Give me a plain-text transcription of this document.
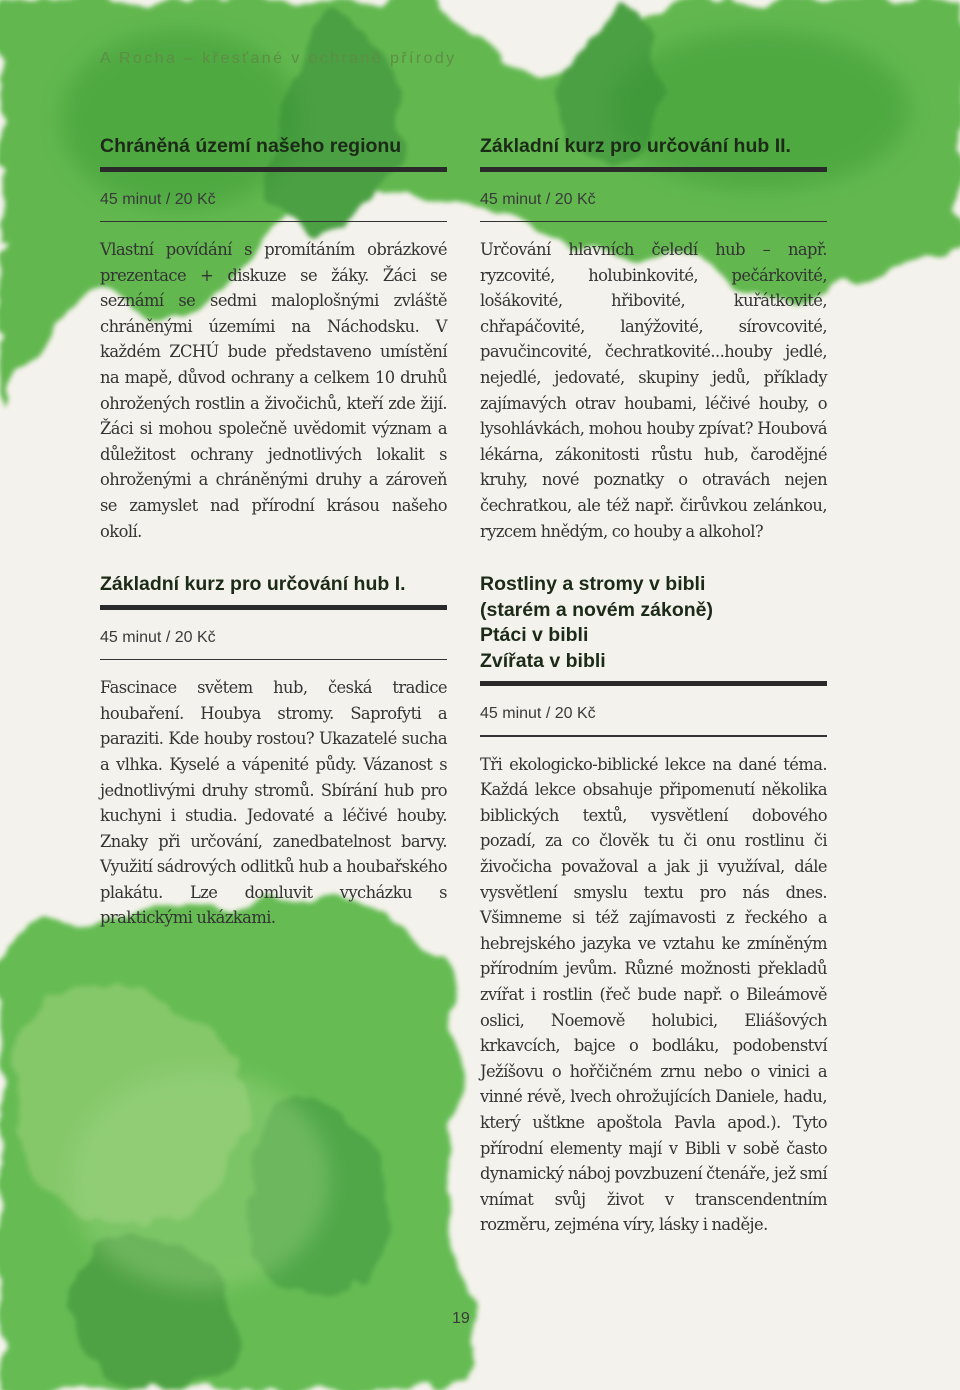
A Rocha – křesťané v ochraně přírody

Chráněná území našeho regionu

45 minut / 20 Kč

Vlastní povídání s promítáním obrázkové prezentace + diskuze se žáky. Žáci se seznámí se sedmi maloplošnými zvláště chráněnými územími na Náchodsku. V každém ZCHÚ bude představeno umístění na mapě, důvod ochrany a celkem 10 druhů ohrožených rostlin a živočichů, kteří zde žijí. Žáci si mohou společně uvědomit význam a důležitost ochrany jednotlivých lokalit s ohroženými a chráněnými druhy a zároveň se zamyslet nad přírodní krásou našeho okolí.

Základní kurz pro určování hub I.

45 minut / 20 Kč

Fascinace světem hub, česká tradice houbaření. Houbya stromy. Saprofyti a paraziti. Kde houby rostou? Ukazatelé sucha a vlhka. Kyselé a vápenité půdy. Vázanost s jednotlivými druhy stromů. Sbírání hub pro kuchyni i studia. Jedovaté a léčivé houby. Znaky při určování, zanedbatelnost barvy. Využití sádrových odlitků hub a houbařského plakátu. Lze domluvit vycházku s praktickými ukázkami.

Základní kurz pro určování hub II.

45 minut / 20 Kč

Určování hlavních čeledí hub – např. ryzcovité, holubinkovité, pečárkovité, lošákovité, hřibovité, kuřátkovité, chřapáčovité, lanýžovité, sírovcovité, pavučincovité, čechratkovité...houby jedlé, nejedlé, jedovaté, skupiny jedů, příklady zajímavých otrav houbami, léčivé houby, o lysohlávkách, mohou houby zpívat? Houbová lékárna, zákonitosti růstu hub, čarodějné kruhy, nové poznatky o otravách nejen čechratkou, ale též např. čirůvkou zelánkou, ryzcem hnědým, co houby a alkohol?

Rostliny a stromy v bibli
(starém a novém zákoně)
Ptáci v bibli
Zvířata v bibli

45 minut / 20 Kč

Tři ekologicko-biblické lekce na dané téma. Každá lekce obsahuje připomenutí několika biblických textů, vysvětlení dobového pozadí, za co člověk tu či onu rostlinu či živočicha považoval a jak ji využíval, dále vysvětlení smyslu textu pro nás dnes. Všimneme si též zajímavosti z řeckého a hebrejského jazyka ve vztahu ke zmíněným přírodním jevům. Různé možnosti překladů zvířat i rostlin (řeč bude např. o Bileámově oslici, Noemově holubici, Eliášových krkavcích, bajce o bodláku, podobenství Ježíšovu o hořčičném zrnu nebo o vinici a vinné révě, lvech ohrožujících Daniele, hadu, který uštkne apoštola Pavla apod.). Tyto přírodní elementy mají v Bibli v sobě často dynamický náboj povzbuzení čtenáře, jež smí vnímat svůj život v transcendentním rozměru, zejména víry, lásky i naděje.

19
